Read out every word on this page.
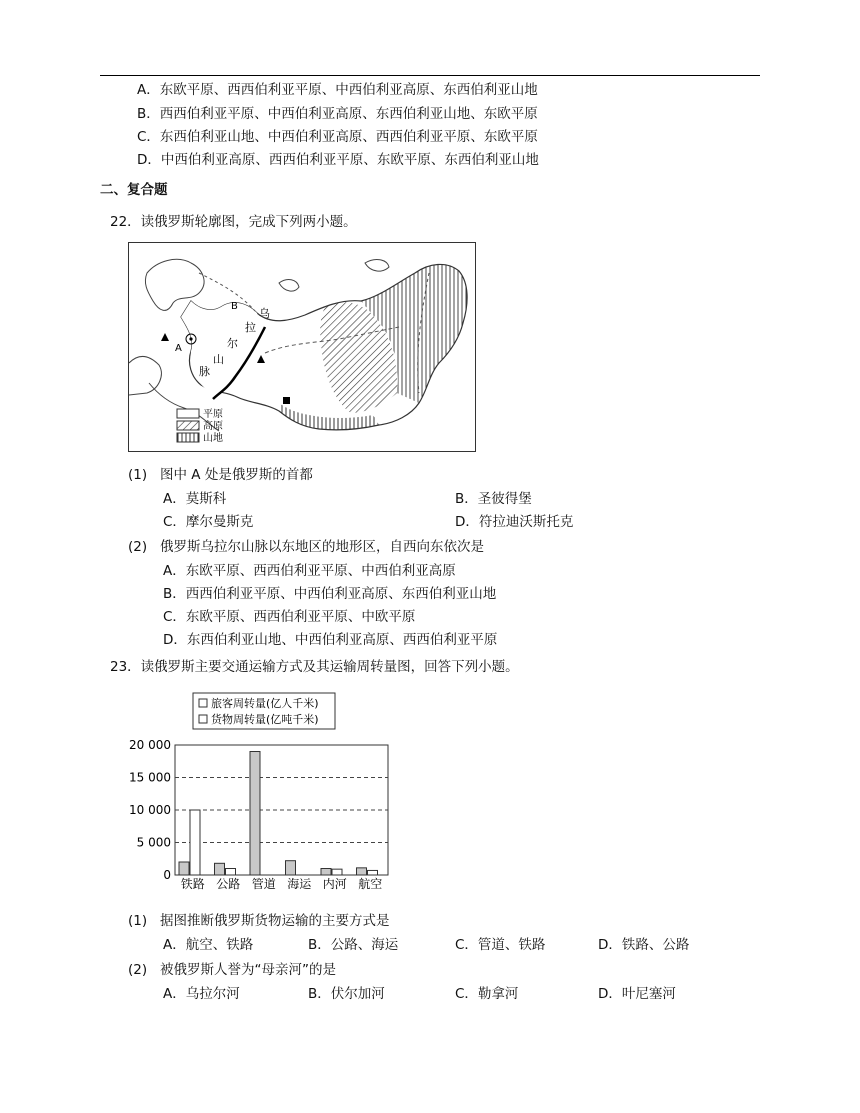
A．东欧平原、西西伯利亚平原、中西伯利亚高原、东西伯利亚山地
B．西西伯利亚平原、中西伯利亚高原、东西伯利亚山地、东欧平原
C．东西伯利亚山地、中西伯利亚高原、西西伯利亚平原、东欧平原
D．中西伯利亚高原、西西伯利亚平原、东欧平原、东西伯利亚山地
二、复合题
22．读俄罗斯轮廓图，完成下列两小题。
A
B
乌
拉
尔
山
脉
平原
高原
山地
(1) 图中 A 处是俄罗斯的首都
A．莫斯科	B．圣彼得堡
C．摩尔曼斯克	D．符拉迪沃斯托克
(2) 俄罗斯乌拉尔山脉以东地区的地形区，自西向东依次是
A．东欧平原、西西伯利亚平原、中西伯利亚高原
B．西西伯利亚平原、中西伯利亚高原、东西伯利亚山地
C．东欧平原、西西伯利亚平原、中欧平原
D．东西伯利亚山地、中西伯利亚高原、西西伯利亚平原
23．读俄罗斯主要交通运输方式及其运输周转量图，回答下列小题。
旅客周转量(亿人千米)
货物周转量(亿吨千米)
0
5 000
10 000
15 000
20 000
铁路 公路 管道 海运 内河 航空
(1) 据图推断俄罗斯货物运输的主要方式是
A．航空、铁路	B．公路、海运	C．管道、铁路	D．铁路、公路
(2) 被俄罗斯人誉为“母亲河”的是
A．乌拉尔河	B．伏尔加河	C．勒拿河	D．叶尼塞河
